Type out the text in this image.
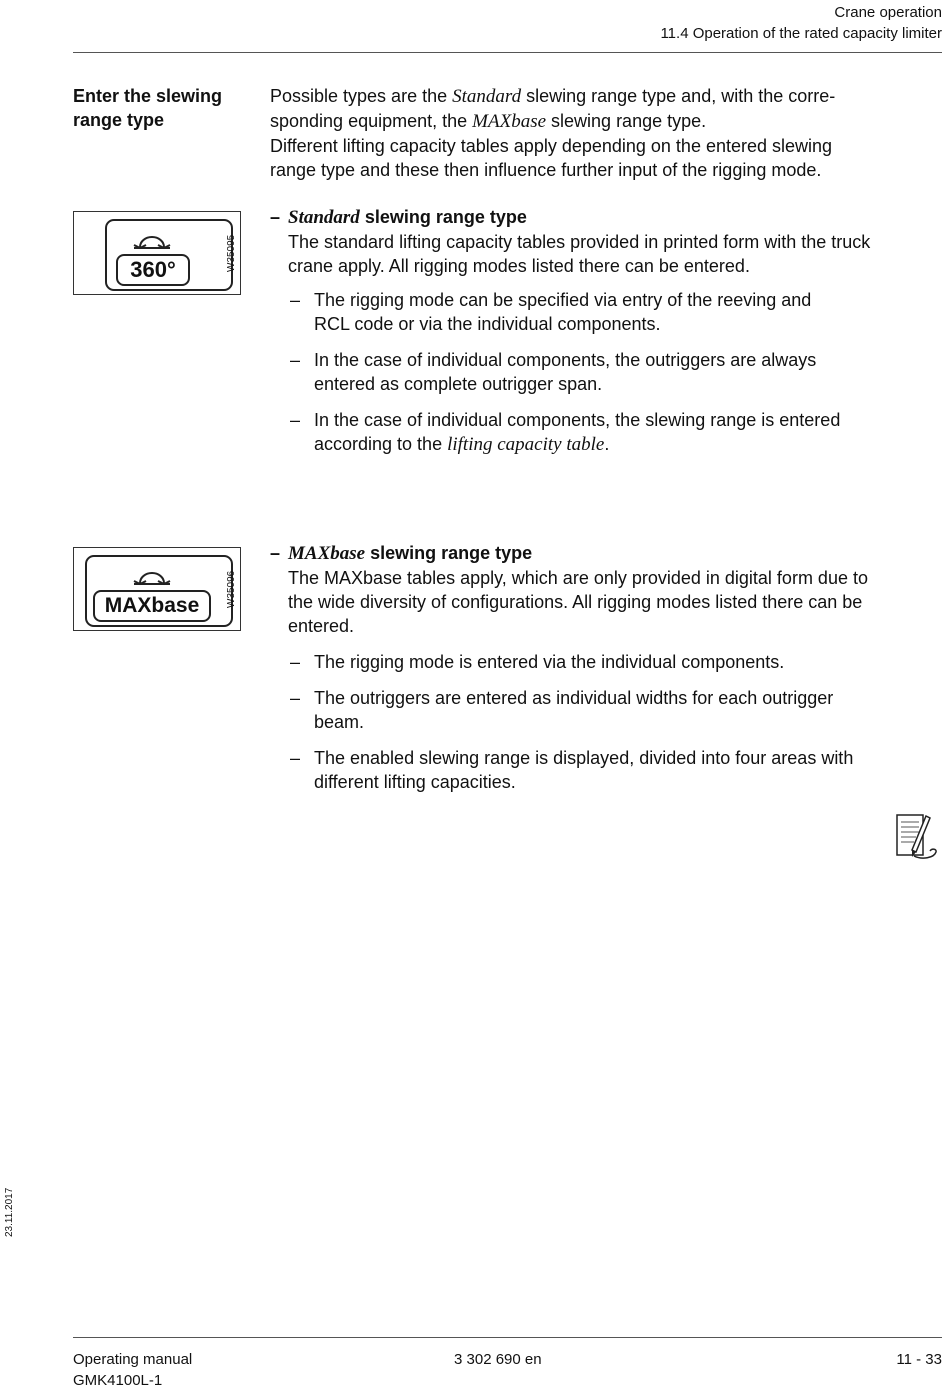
Crane operation
11.4 Operation of the rated capacity limiter
Enter the slewing
range type
Possible types are the Standard slewing range type and, with the corre-
sponding equipment, the MAXbase slewing range type.
Different lifting capacity tables apply depending on the entered slewing
range type and these then influence further input of the rigging mode.
360°	W35095
– Standard slewing range type
The standard lifting capacity tables provided in printed form with the truck
crane apply. All rigging modes listed there can be entered.
– The rigging mode can be specified via entry of the reeving and
RCL code or via the individual components.
– In the case of individual components, the outriggers are always
entered as complete outrigger span.
– In the case of individual components, the slewing range is entered
according to the lifting capacity table.
MAXbase	W35096
– MAXbase slewing range type
The MAXbase tables apply, which are only provided in digital form due to
the wide diversity of configurations. All rigging modes listed there can be
entered.
– The rigging mode is entered via the individual components.
– The outriggers are entered as individual widths for each outrigger
beam.
– The enabled slewing range is displayed, divided into four areas with
different lifting capacities.
23.11.2017
Operating manual
GMK4100L-1
3 302 690 en	11 - 33
